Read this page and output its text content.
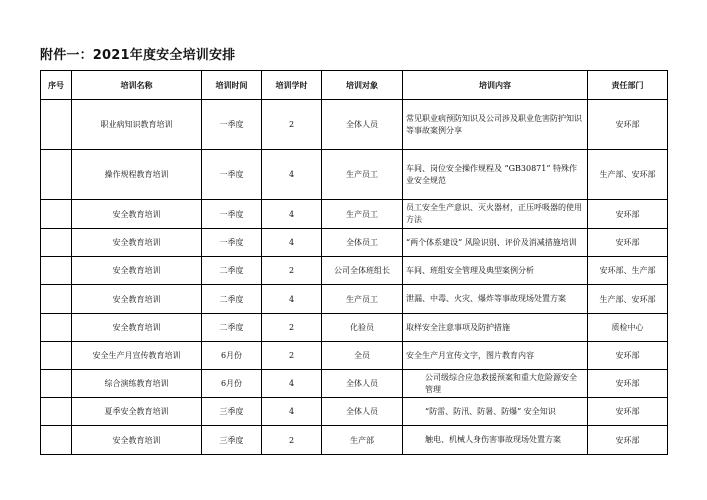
附件一：2021年度安全培训安排
序号	培训名称	培训时间	培训学时	培训对象	培训内容	责任部门
	职业病知识教育培训	一季度	2	全体人员	常见职业病预防知识及公司涉及职业危害防护知识等事故案例分享	安环部
	操作规程教育培训	一季度	4	生产员工	车间、岗位安全操作规程及 “GB30871” 特殊作业安全规范	生产部、安环部
	安全教育培训	一季度	4	生产员工	员工安全生产意识、灭火器材，正压呼吸器的使用方法	安环部
	安全教育培训	一季度	4	全体员工	“两个体系建设” 风险识别、评价及消减措施培训	安环部
	安全教育培训	二季度	2	公司全体班组长	车间、班组安全管理及典型案例分析	安环部、生产部
	安全教育培训	二季度	4	生产员工	泄漏、中毒、火灾、爆炸等事故现场处置方案	生产部、安环部
	安全教育培训	二季度	2	化验员	取样安全注意事项及防护措施	质检中心
	安全生产月宣传教育培训	6月份	2	全员	安全生产月宣传文字，图片教育内容	安环部
	综合演练教育培训	6月份	4	全体人员	公司级综合应急救援预案和重大危险源安全管理	安环部
	夏季安全教育培训	三季度	4	全体人员	“防雷、防汛、防暑、防爆” 安全知识	安环部
	安全教育培训	三季度	2	生产部	触电、机械人身伤害事故现场处置方案	安环部
